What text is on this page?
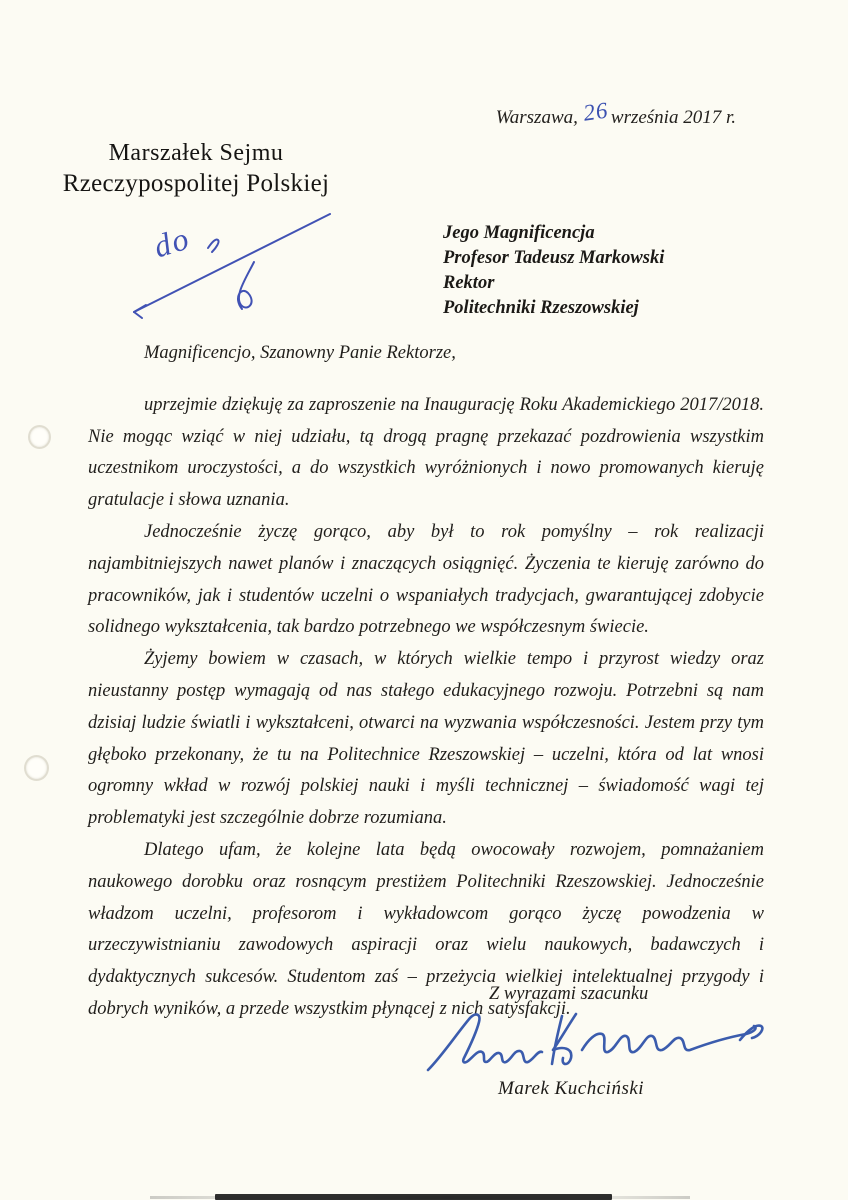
Warszawa, 26września 2017 r.
Marszałek Sejmu
Rzeczypospolitej Polskiej
do	Jego Magnificencja
Profesor Tadeusz Markowski
Rektor
Politechniki Rzeszowskiej
Magnificencjo, Szanowny Panie Rektorze,

uprzejmie dziękuję za zaproszenie na Inaugurację Roku Akademickiego 2017/2018. Nie mogąc wziąć w niej udziału, tą drogą pragnę przekazać pozdrowienia wszystkim uczestnikom uroczystości, a do wszystkich wyróżnionych i nowo promowanych kieruję gratulacje i słowa uznania.

Jednocześnie życzę gorąco, aby był to rok pomyślny – rok realizacji najambitniejszych nawet planów i znaczących osiągnięć. Życzenia te kieruję zarówno do pracowników, jak i studentów uczelni o wspaniałych tradycjach, gwarantującej zdobycie solidnego wykształcenia, tak bardzo potrzebnego we współczesnym świecie.

Żyjemy bowiem w czasach, w których wielkie tempo i przyrost wiedzy oraz nieustanny postęp wymagają od nas stałego edukacyjnego rozwoju. Potrzebni są nam dzisiaj ludzie światli i wykształceni, otwarci na wyzwania współczesności. Jestem przy tym głęboko przekonany, że tu na Politechnice Rzeszowskiej – uczelni, która od lat wnosi ogromny wkład w rozwój polskiej nauki i myśli technicznej – świadomość wagi tej problematyki jest szczególnie dobrze rozumiana.

Dlatego ufam, że kolejne lata będą owocowały rozwojem, pomnażaniem naukowego dorobku oraz rosnącym prestiżem Politechniki Rzeszowskiej. Jednocześnie władzom uczelni, profesorom i wykładowcom gorąco życzę powodzenia w urzeczywistnianiu zawodowych aspiracji oraz wielu naukowych, badawczych i dydaktycznych sukcesów. Studentom zaś – przeżycia wielkiej intelektualnej przygody i dobrych wyników, a przede wszystkim płynącej z nich satysfakcji.

Z wyrazami szacunku
Marek Kuchciński
